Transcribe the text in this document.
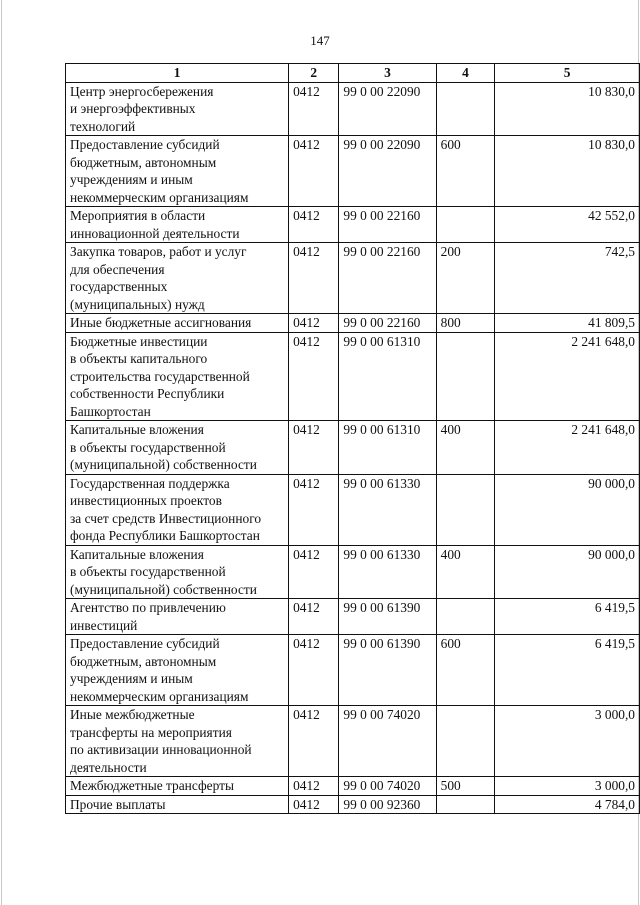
147
1	2	3	4	5
Центр энергосбережения
и энергоэффективных
технологий	0412	99 0 00 22090		10 830,0
Предоставление субсидий
бюджетным, автономным
учреждениям и иным
некоммерческим организациям	0412	99 0 00 22090	600	10 830,0
Мероприятия в области
инновационной деятельности	0412	99 0 00 22160		42 552,0
Закупка товаров, работ и услуг
для обеспечения
государственных
(муниципальных) нужд	0412	99 0 00 22160	200	742,5
Иные бюджетные ассигнования	0412	99 0 00 22160	800	41 809,5
Бюджетные инвестиции
в объекты капитального
строительства государственной
собственности Республики
Башкортостан	0412	99 0 00 61310		2 241 648,0
Капитальные вложения
в объекты государственной
(муниципальной) собственности	0412	99 0 00 61310	400	2 241 648,0
Государственная поддержка
инвестиционных проектов
за счет средств Инвестиционного
фонда Республики Башкортостан	0412	99 0 00 61330		90 000,0
Капитальные вложения
в объекты государственной
(муниципальной) собственности	0412	99 0 00 61330	400	90 000,0
Агентство по привлечению
инвестиций	0412	99 0 00 61390		6 419,5
Предоставление субсидий
бюджетным, автономным
учреждениям и иным
некоммерческим организациям	0412	99 0 00 61390	600	6 419,5
Иные межбюджетные
трансферты на мероприятия
по активизации инновационной
деятельности	0412	99 0 00 74020		3 000,0
Межбюджетные трансферты	0412	99 0 00 74020	500	3 000,0
Прочие выплаты	0412	99 0 00 92360		4 784,0
